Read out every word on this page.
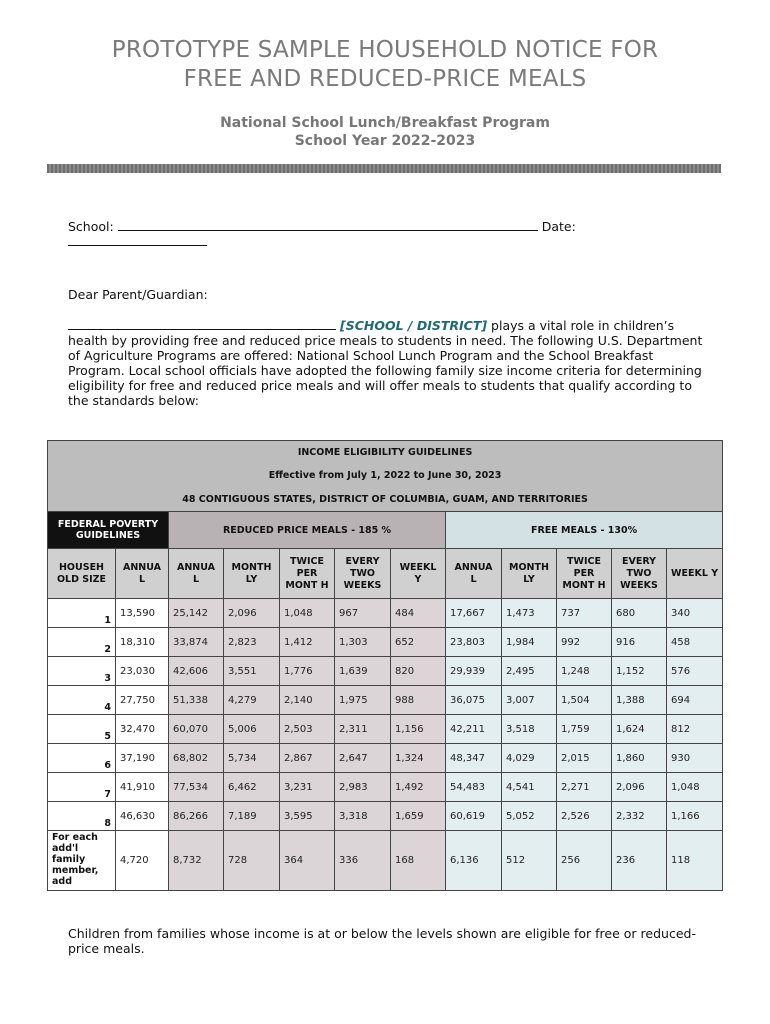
PROTOTYPE SAMPLE HOUSEHOLD NOTICE FOR
FREE AND REDUCED-PRICE MEALS
National School Lunch/Breakfast Program
School Year 2022-2023
School:	Date:
Dear Parent/Guardian:
[SCHOOL / DISTRICT] plays a vital role in children’s health by providing free and reduced price meals to students in need. The following U.S. Department of Agriculture Programs are offered: National School Lunch Program and the School Breakfast Program. Local school officials have adopted the following family size income criteria for determining eligibility for free and reduced price meals and will offer meals to students that qualify according to the standards below:
INCOME ELIGIBILITY GUIDELINES											
Effective from July 1, 2022 to June 30, 2023											
48 CONTIGUOUS STATES, DISTRICT OF COLUMBIA, GUAM, AND TERRITORIES											
FEDERAL POVERTY GUIDELINES		REDUCED PRICE MEALS - 185 %					FREE MEALS - 130%				
HOUSEH OLD SIZE	ANNUA L	ANNUA L	MONTH LY	TWICE PER MONT H	EVERY TWO WEEKS	WEEKL Y	ANNUA L	MONTH LY	TWICE PER MONT H	EVERY TWO WEEKS	WEEKL Y
1	13,590	25,142	2,096	1,048	967	484	17,667	1,473	737	680	340
2	18,310	33,874	2,823	1,412	1,303	652	23,803	1,984	992	916	458
3	23,030	42,606	3,551	1,776	1,639	820	29,939	2,495	1,248	1,152	576
4	27,750	51,338	4,279	2,140	1,975	988	36,075	3,007	1,504	1,388	694
5	32,470	60,070	5,006	2,503	2,311	1,156	42,211	3,518	1,759	1,624	812
6	37,190	68,802	5,734	2,867	2,647	1,324	48,347	4,029	2,015	1,860	930
7	41,910	77,534	6,462	3,231	2,983	1,492	54,483	4,541	2,271	2,096	1,048
8	46,630	86,266	7,189	3,595	3,318	1,659	60,619	5,052	2,526	2,332	1,166
For each add'l family member, add	4,720	8,732	728	364	336	168	6,136	512	256	236	118
Children from families whose income is at or below the levels shown are eligible for free or reduced-price meals.
